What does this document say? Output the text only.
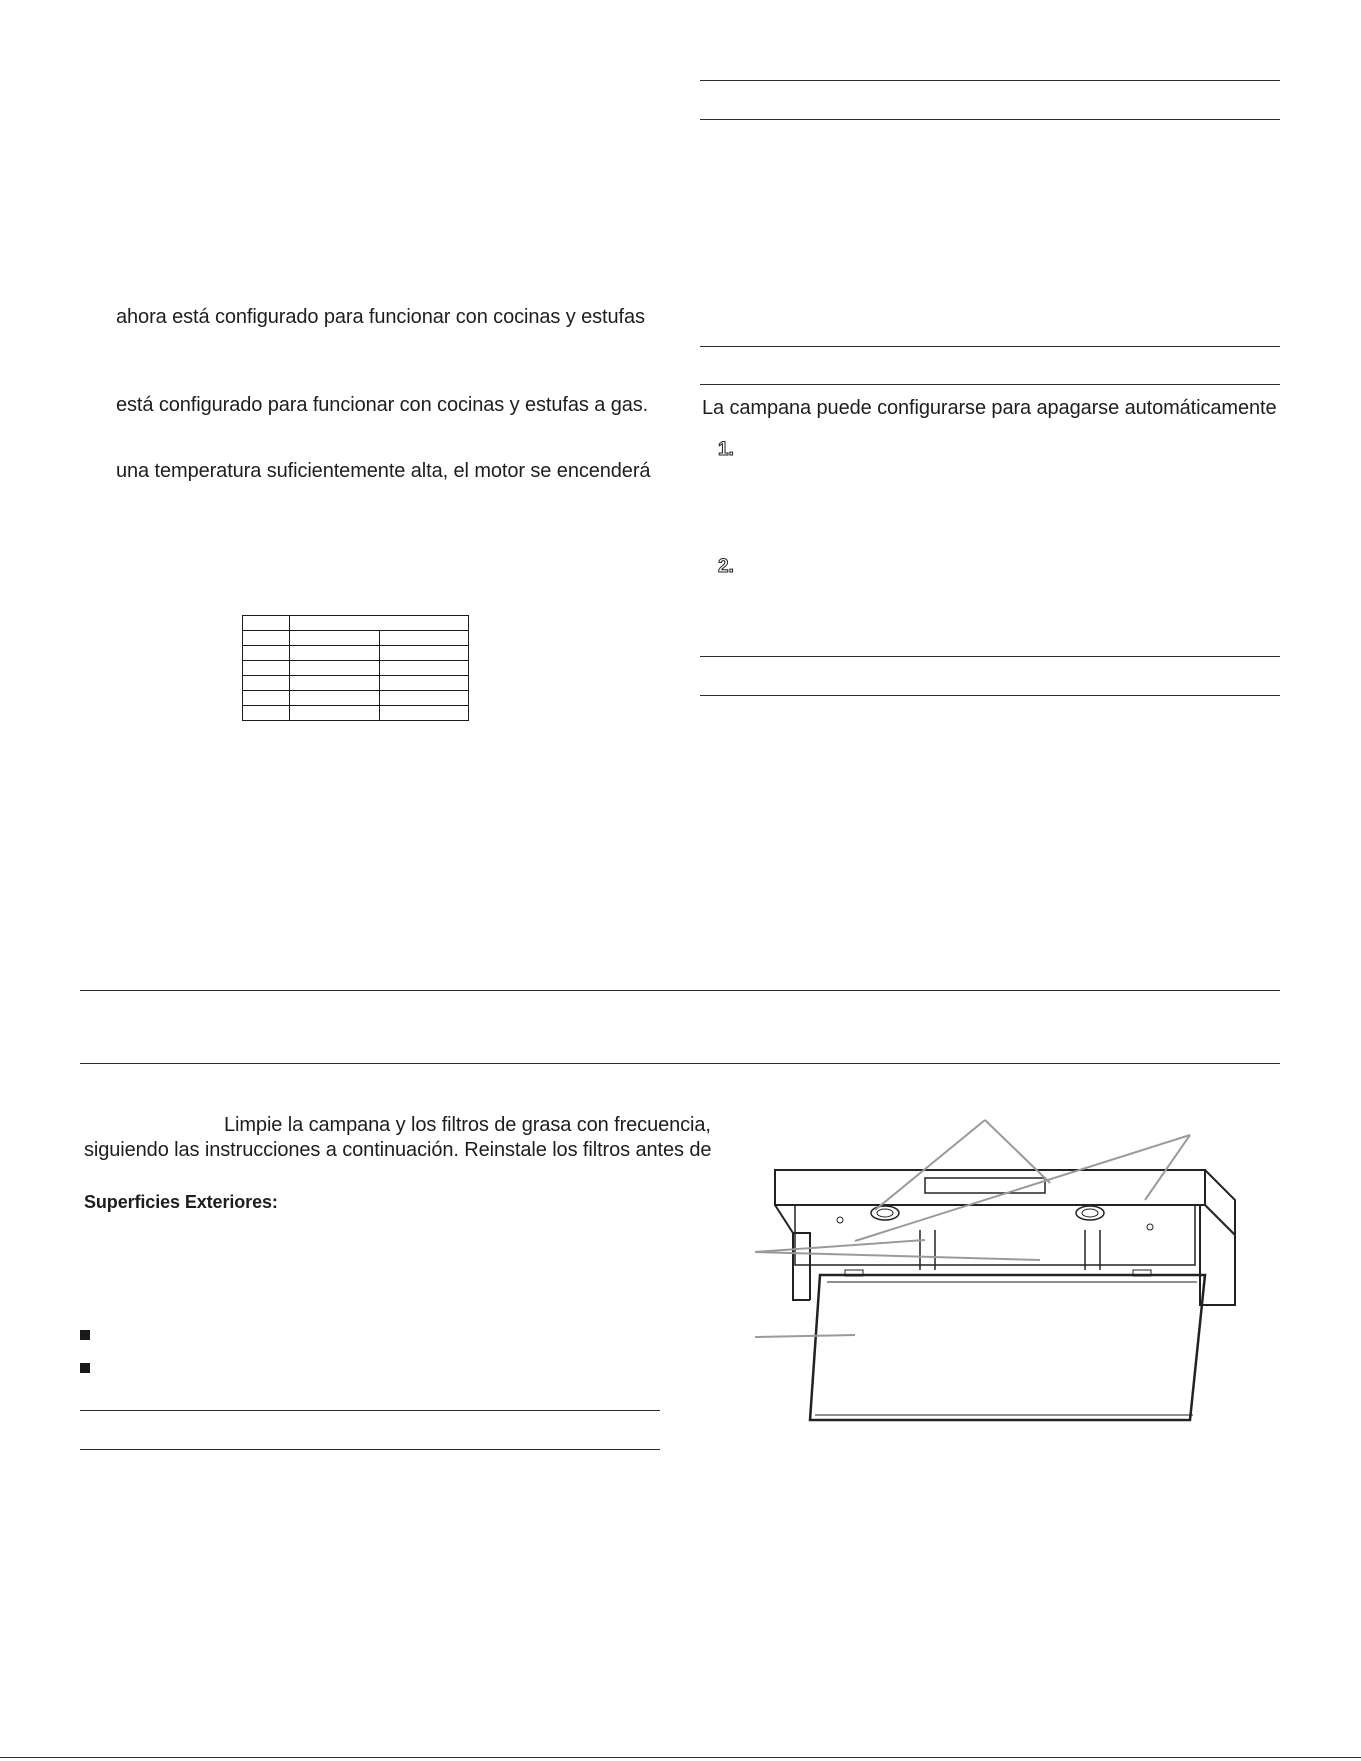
ahora está configurado para funcionar con cocinas y estufas
está configurado para funcionar con cocinas y estufas a gas.
una temperatura suficientemente alta, el motor se encenderá
La campana puede configurarse para apagarse automáticamente
1.
2.

Limpie la campana y los filtros de grasa con frecuencia,
siguiendo las instrucciones a continuación. Reinstale los filtros antes de
Superficies Exteriores:
